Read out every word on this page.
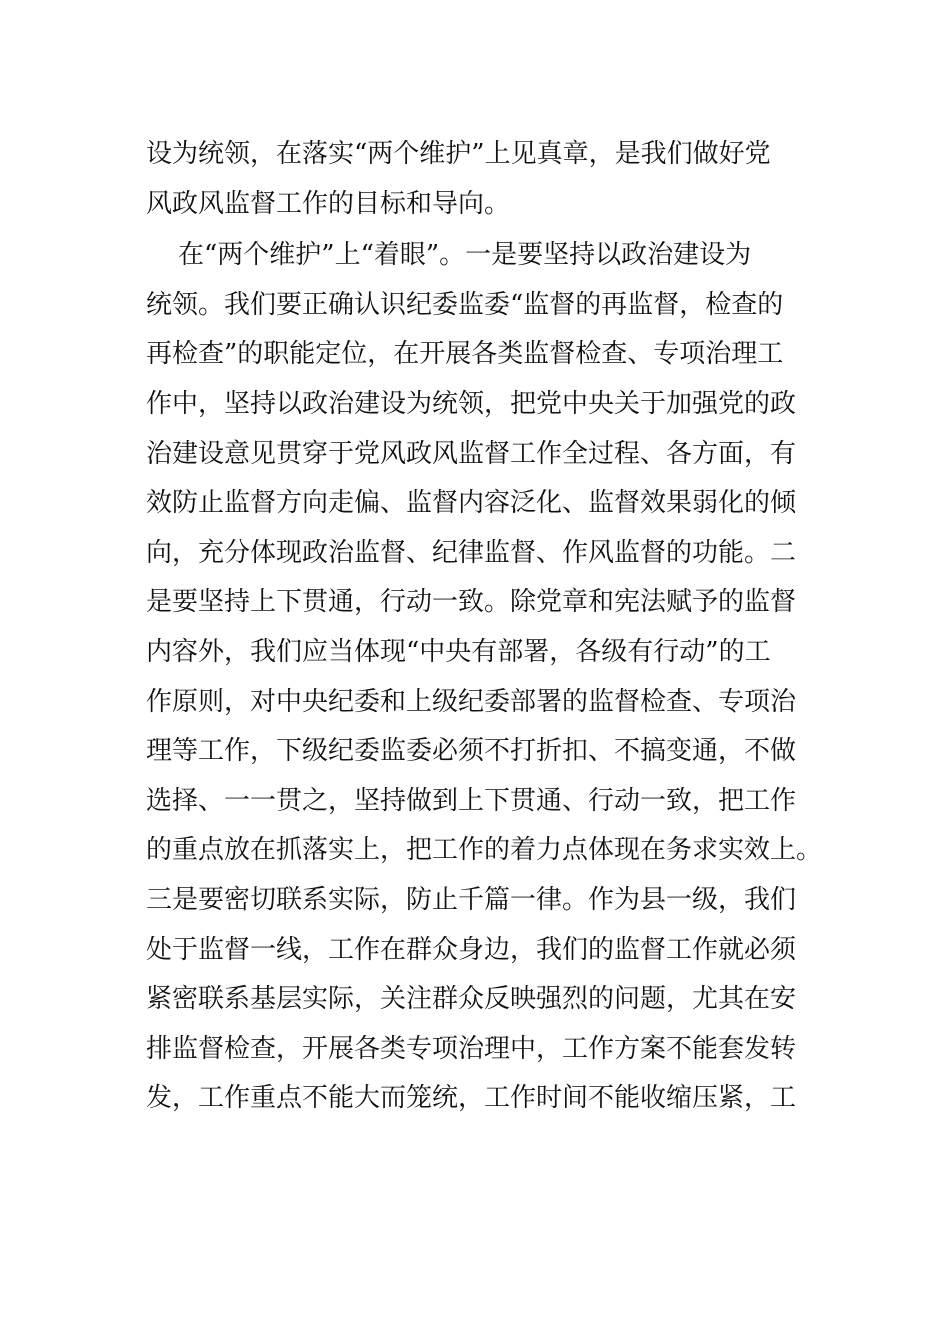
设为统领，在落实“两个维护”上见真章，是我们做好党
风政风监督工作的目标和导向。
在“两个维护”上“着眼”。一是要坚持以政治建设为
统领。我们要正确认识纪委监委“监督的再监督，检查的
再检查”的职能定位，在开展各类监督检查、专项治理工
作中，坚持以政治建设为统领，把党中央关于加强党的政
治建设意见贯穿于党风政风监督工作全过程、各方面，有
效防止监督方向走偏、监督内容泛化、监督效果弱化的倾
向，充分体现政治监督、纪律监督、作风监督的功能。二
是要坚持上下贯通，行动一致。除党章和宪法赋予的监督
内容外，我们应当体现“中央有部署，各级有行动”的工
作原则，对中央纪委和上级纪委部署的监督检查、专项治
理等工作，下级纪委监委必须不打折扣、不搞变通，不做
选择、一一贯之，坚持做到上下贯通、行动一致，把工作
的重点放在抓落实上，把工作的着力点体现在务求实效上。
三是要密切联系实际，防止千篇一律。作为县一级，我们
处于监督一线，工作在群众身边，我们的监督工作就必须
紧密联系基层实际，关注群众反映强烈的问题，尤其在安
排监督检查，开展各类专项治理中，工作方案不能套发转
发，工作重点不能大而笼统，工作时间不能收缩压紧，工
